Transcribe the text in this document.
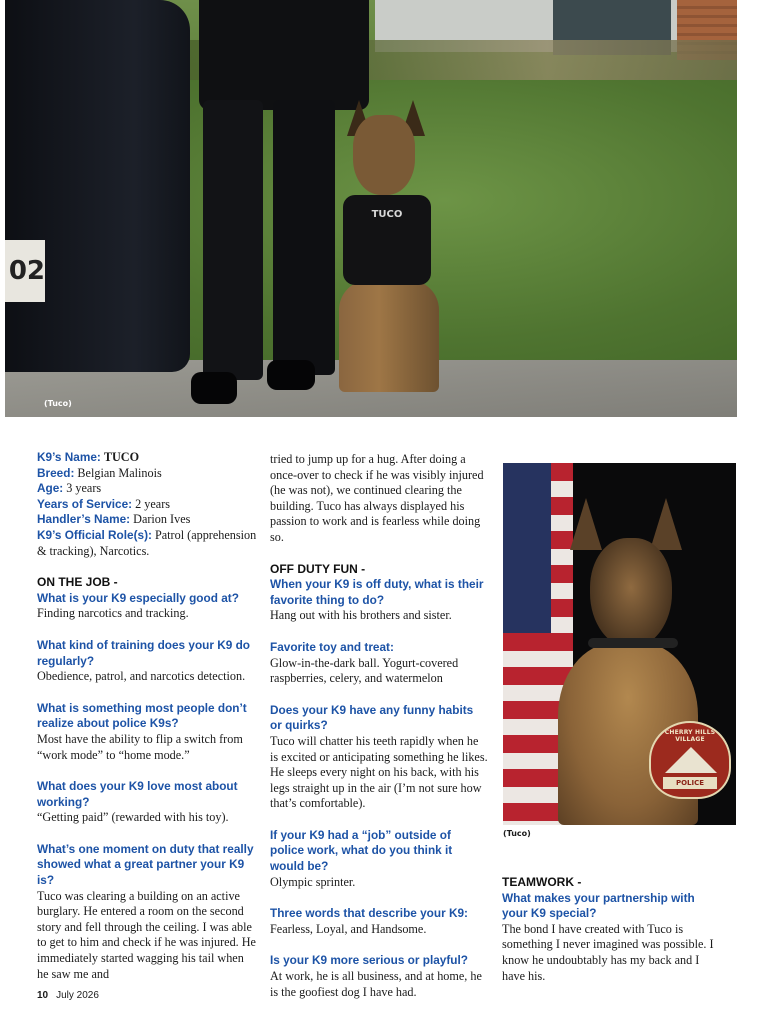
02
TUCO
(Tuco)
K9’s Name: TUCO
Breed: Belgian Malinois
Age: 3 years
Years of Service: 2 years
Handler’s Name: Darion Ives
K9’s Official Role(s): Patrol (apprehension & tracking), Narcotics.
ON THE JOB -
What is your K9 especially good at?
Finding narcotics and tracking.
What kind of training does your K9 do regularly?
Obedience, patrol, and narcotics detection.
What is something most people don’t realize about police K9s?
Most have the ability to flip a switch from “work mode” to “home mode.”
What does your K9 love most about working?
“Getting paid” (rewarded with his toy).
What’s one moment on duty that really showed what a great partner your K9 is?
Tuco was clearing a building on an active burglary. He entered a room on the second story and fell through the ceiling. I was able to get to him and check if he was injured. He immediately started wagging his tail when he saw me and
tried to jump up for a hug. After doing a once-over to check if he was visibly injured (he was not), we continued clearing the building. Tuco has always displayed his passion to work and is fearless while doing so.
OFF DUTY FUN -
When your K9 is off duty, what is their favorite thing to do?
Hang out with his brothers and sister.
Favorite toy and treat:
Glow-in-the-dark ball. Yogurt-covered raspberries, celery, and watermelon
Does your K9 have any funny habits or quirks?
Tuco will chatter his teeth rapidly when he is excited or anticipating something he likes. He sleeps every night on his back, with his legs straight up in the air (I’m not sure how that’s comfortable).
If your K9 had a “job” outside of police work, what do you think it would be?
Olympic sprinter.
Three words that describe your K9:
Fearless, Loyal, and Handsome.
Is your K9 more serious or playful?
At work, he is all business, and at home, he is the goofiest dog I have had.
CHERRY HILLS VILLAGE
POLICE
(Tuco)
TEAMWORK -
What makes your partnership with your K9 special?
The bond I have created with Tuco is something I never imagined was possible. I know he undoubtably has my back and I have his.
10 July 2026
